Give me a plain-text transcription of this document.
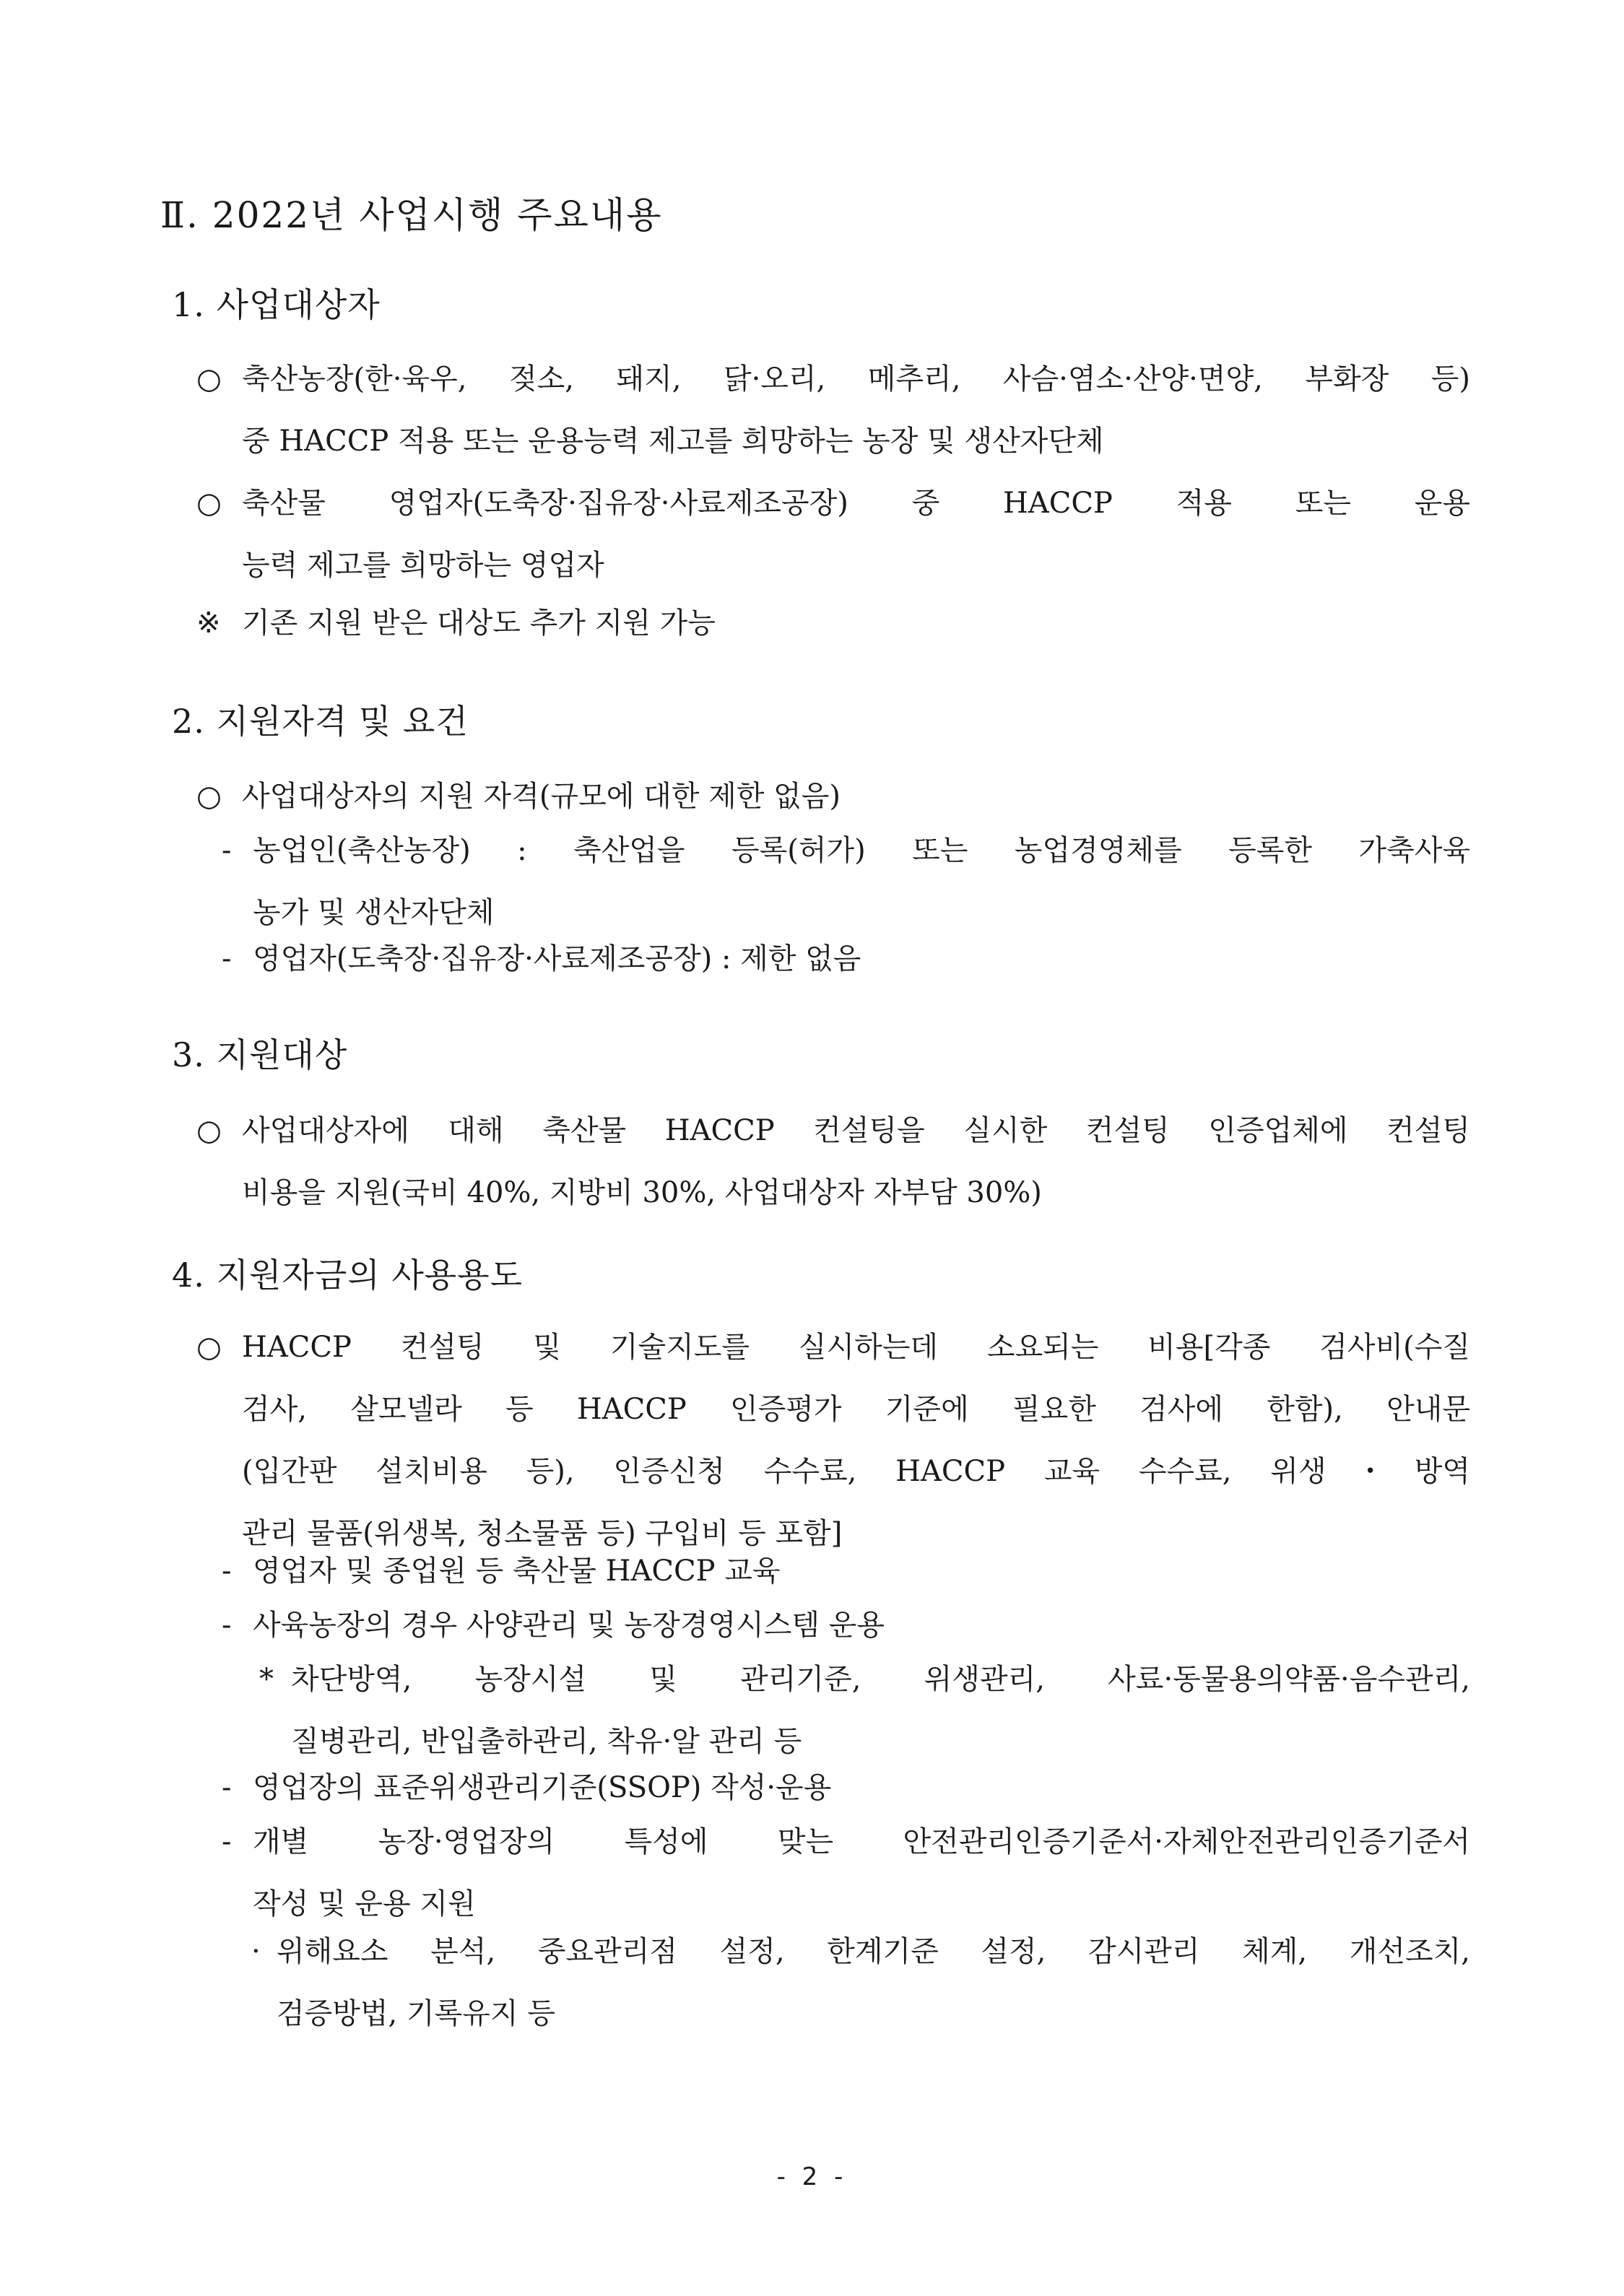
Ⅱ. 2022년 사업시행 주요내용
1. 사업대상자
○ 축산농장(한·육우, 젖소, 돼지, 닭·오리, 메추리, 사슴·염소·산양·면양, 부화장 등)
중 HACCP 적용 또는 운용능력 제고를 희망하는 농장 및 생산자단체
○ 축산물 영업자(도축장·집유장·사료제조공장) 중 HACCP 적용 또는 운용
능력 제고를 희망하는 영업자
※ 기존 지원 받은 대상도 추가 지원 가능
2. 지원자격 및 요건
○ 사업대상자의 지원 자격(규모에 대한 제한 없음)
- 농업인(축산농장) : 축산업을 등록(허가) 또는 농업경영체를 등록한 가축사육
농가 및 생산자단체
- 영업자(도축장·집유장·사료제조공장) : 제한 없음
3. 지원대상
○ 사업대상자에 대해 축산물 HACCP 컨설팅을 실시한 컨설팅 인증업체에 컨설팅
비용을 지원(국비 40%, 지방비 30%, 사업대상자 자부담 30%)
4. 지원자금의 사용용도
○ HACCP 컨설팅 및 기술지도를 실시하는데 소요되는 비용[각종 검사비(수질
검사, 살모넬라 등 HACCP 인증평가 기준에 필요한 검사에 한함), 안내문
(입간판 설치비용 등), 인증신청 수수료, HACCP 교육 수수료, 위생・방역
관리 물품(위생복, 청소물품 등) 구입비 등 포함]
- 영업자 및 종업원 등 축산물 HACCP 교육
- 사육농장의 경우 사양관리 및 농장경영시스템 운용
* 차단방역, 농장시설 및 관리기준, 위생관리, 사료·동물용의약품·음수관리,
질병관리, 반입출하관리, 착유·알 관리 등
- 영업장의 표준위생관리기준(SSOP) 작성·운용
- 개별 농장·영업장의 특성에 맞는 안전관리인증기준서·자체안전관리인증기준서
작성 및 운용 지원
· 위해요소 분석, 중요관리점 설정, 한계기준 설정, 감시관리 체계, 개선조치,
검증방법, 기록유지 등
- 2 -
